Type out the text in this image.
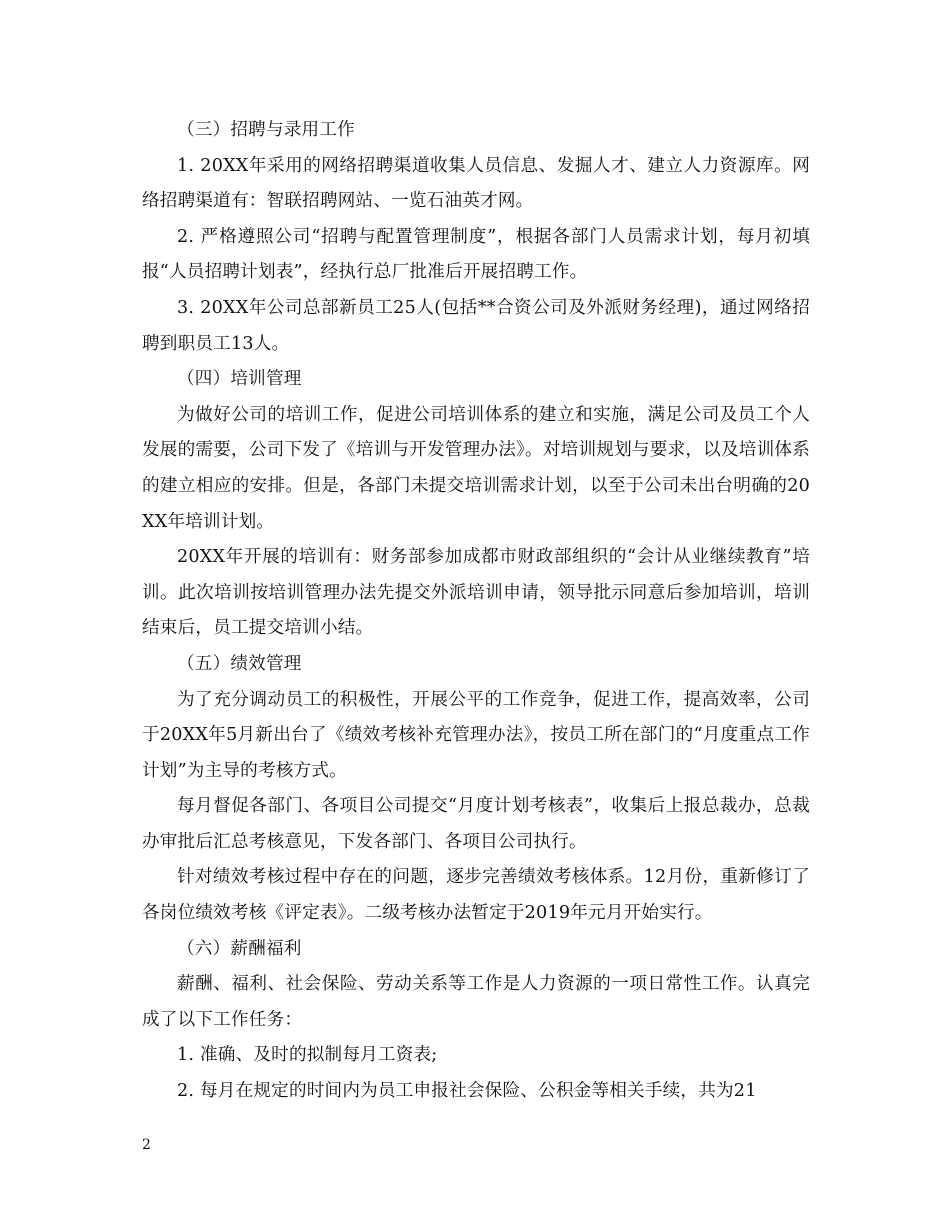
（三）招聘与录用工作

1. 20XX年采用的网络招聘渠道收集人员信息、发掘人才、建立人力资源库。网络招聘渠道有：智联招聘网站、一览石油英才网。

2. 严格遵照公司“招聘与配置管理制度”，根据各部门人员需求计划，每月初填报“人员招聘计划表”，经执行总厂批准后开展招聘工作。

3. 20XX年公司总部新员工25人(包括**合资公司及外派财务经理)，通过网络招聘到职员工13人。

（四）培训管理

为做好公司的培训工作，促进公司培训体系的建立和实施，满足公司及员工个人发展的需要，公司下发了《培训与开发管理办法》。对培训规划与要求，以及培训体系的建立相应的安排。但是，各部门未提交培训需求计划，以至于公司未出台明确的20XX年培训计划。

20XX年开展的培训有：财务部参加成都市财政部组织的“会计从业继续教育”培训。此次培训按培训管理办法先提交外派培训申请，领导批示同意后参加培训，培训结束后，员工提交培训小结。

（五）绩效管理

为了充分调动员工的积极性，开展公平的工作竞争，促进工作，提高效率，公司于20XX年5月新出台了《绩效考核补充管理办法》，按员工所在部门的“月度重点工作计划”为主导的考核方式。

每月督促各部门、各项目公司提交“月度计划考核表”，收集后上报总裁办，总裁办审批后汇总考核意见，下发各部门、各项目公司执行。

针对绩效考核过程中存在的问题，逐步完善绩效考核体系。12月份，重新修订了各岗位绩效考核《评定表》。二级考核办法暂定于2019年元月开始实行。

（六）薪酬福利

薪酬、福利、社会保险、劳动关系等工作是人力资源的一项日常性工作。认真完成了以下工作任务：

1. 准确、及时的拟制每月工资表;

2. 每月在规定的时间内为员工申报社会保险、公积金等相关手续，共为21

2
